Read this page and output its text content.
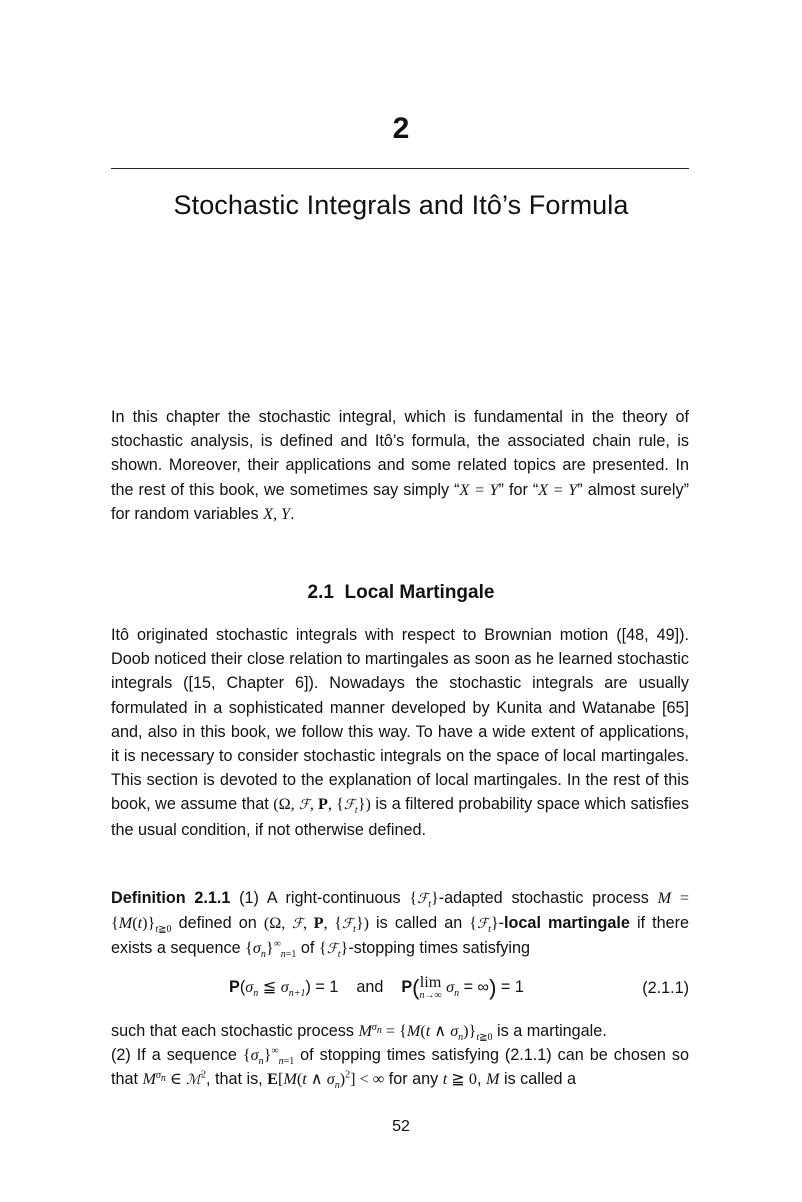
2
Stochastic Integrals and Itô’s Formula
In this chapter the stochastic integral, which is fundamental in the theory of stochastic analysis, is defined and Itô’s formula, the associated chain rule, is shown. Moreover, their applications and some related topics are presented. In the rest of this book, we sometimes say simply “X = Y” for “X = Y” almost surely” for random variables X, Y.
2.1 Local Martingale
Itô originated stochastic integrals with respect to Brownian motion ([48, 49]). Doob noticed their close relation to martingales as soon as he learned stochastic integrals ([15, Chapter 6]). Nowadays the stochastic integrals are usually formulated in a sophisticated manner developed by Kunita and Watanabe [65] and, also in this book, we follow this way. To have a wide extent of applications, it is necessary to consider stochastic integrals on the space of local martingales. This section is devoted to the explanation of local martingales. In the rest of this book, we assume that (Ω, ℱ, P, {ℱ$_t$}) is a filtered probability space which satisfies the usual condition, if not otherwise defined.
Definition 2.1.1 (1) A right-continuous {ℱ$_t$}-adapted stochastic process $M = \{M(t)\}_{t≧0}$ defined on (Ω, ℱ, P, {ℱ$_t$}) is called an {ℱ$_t$}-local martingale if there exists a sequence $\{\sigma_n\}^\infty_{n=1}$ of {ℱ$_t$}-stopping times satisfying
$P(\sigma_n$ ≦ $\sigma_{n+1}) = 1$    and P(lim
n→∞ $\sigma_n$ = ∞) = 1	(2.1.1)
such that each stochastic process $M^{\sigma_n} = \{M(t$ ∧ $\sigma_n)\}_{t≧0}$ is a martingale.
(2) If a sequence $\{\sigma_n\}^\infty_{n=1}$ of stopping times satisfying (2.1.1) can be chosen so that $M^{\sigma_n}$ ∈ ℳ$^2$, that is, E[M(t ∧ $\sigma_n)^2$] < ∞ for any t ≧ 0, M is called a
52
